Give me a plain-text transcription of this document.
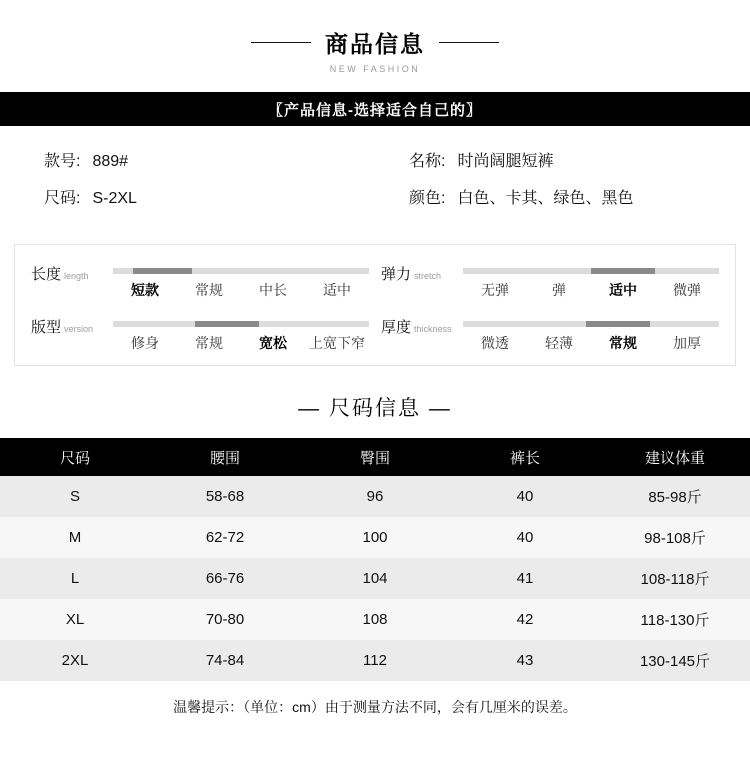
商品信息
NEW FASHION
〖产品信息-选择适合自己的〗
款号: 889#
尺码: S-2XL
名称: 时尚阔腿短裤
颜色: 白色、卡其、绿色、黑色
长度 length
短款	常规	中长	适中
弹力 stretch
无弹	弹	适中	微弹
版型 version
修身	常规	宽松	上宽下窄
厚度 thickness
微透	轻薄	常规	加厚
— 尺码信息 —
尺码	腰围	臀围	裤长	建议体重
S	58-68	96	40	85-98斤
M	62-72	100	40	98-108斤
L	66-76	104	41	108-118斤
XL	70-80	108	42	118-130斤
2XL	74-84	112	43	130-145斤
温馨提示：（单位：cm）由于测量方法不同，会有几厘米的误差。
